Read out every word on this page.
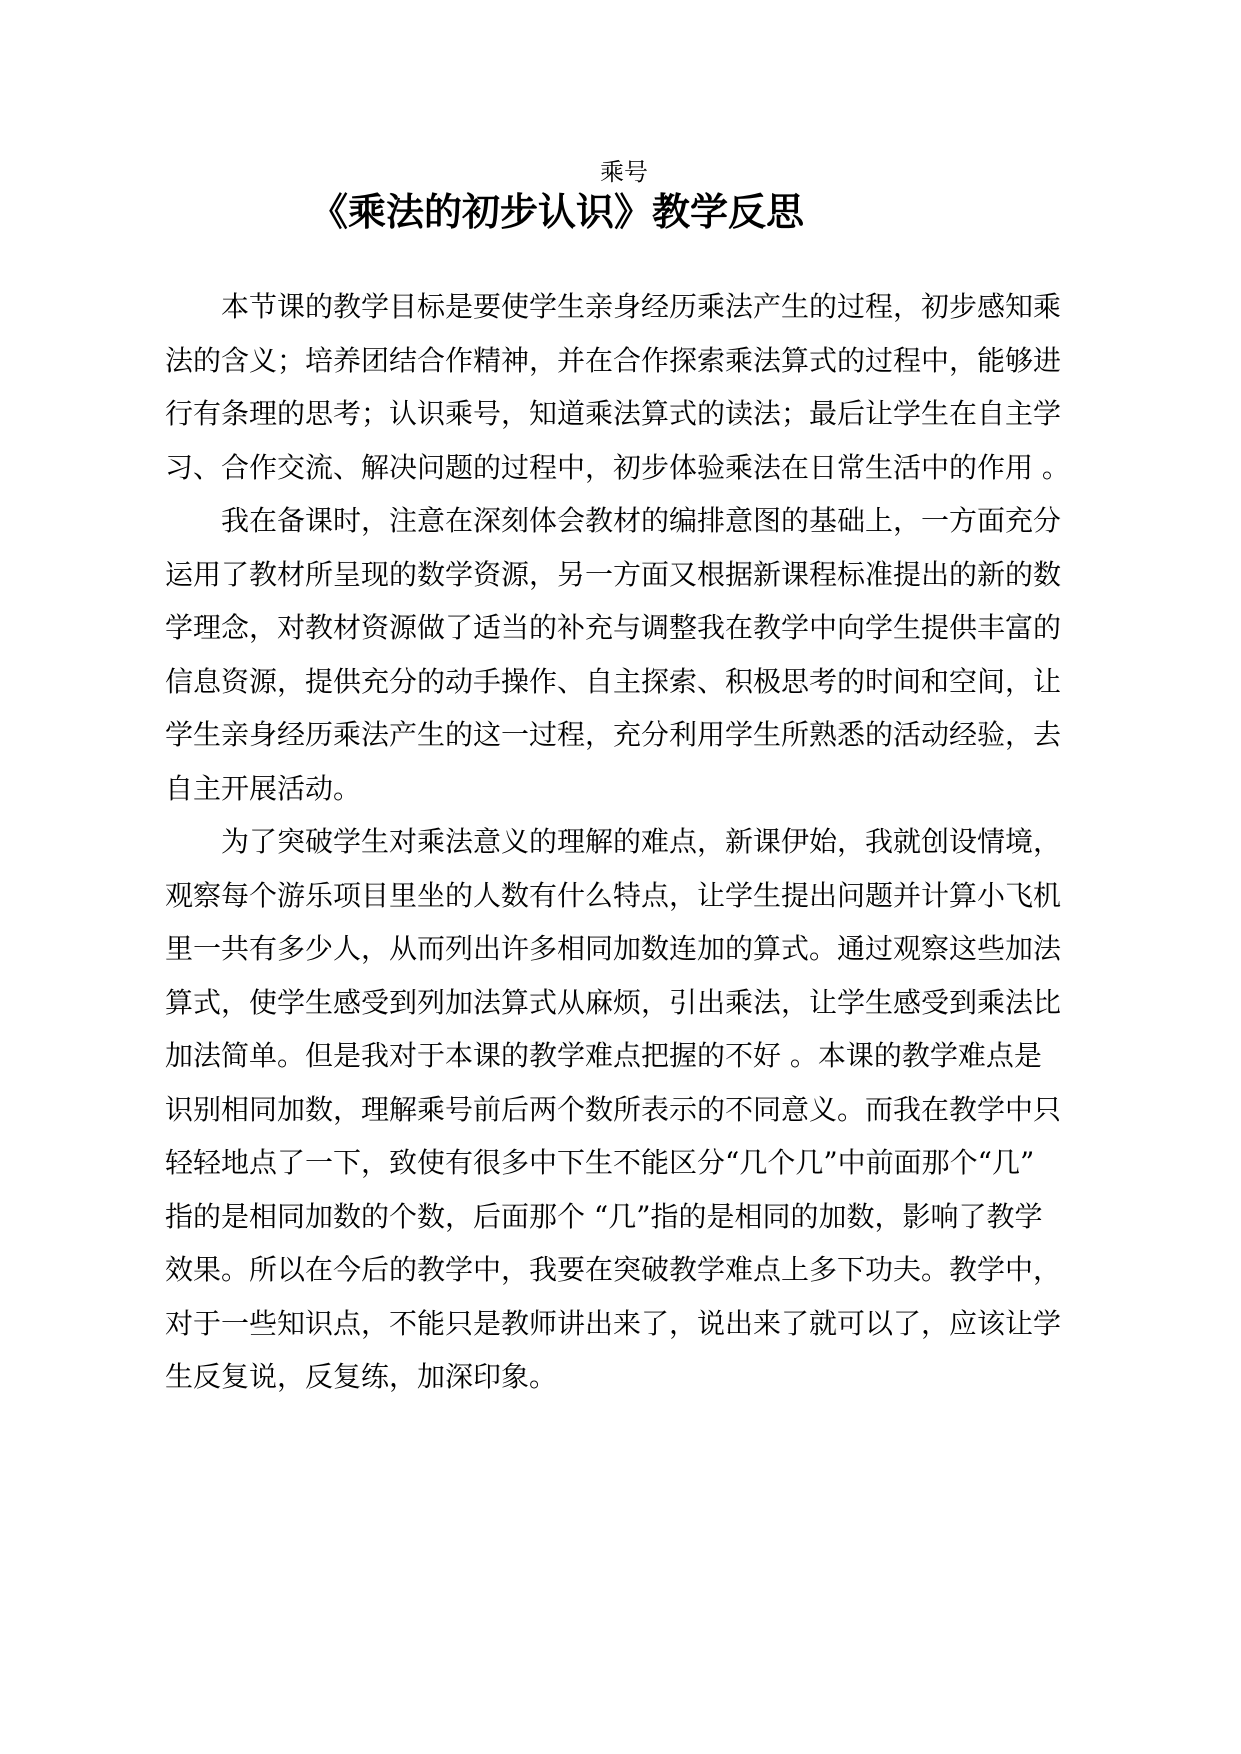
乘号
《乘法的初步认识》教学反思
本节课的教学目标是要使学生亲身经历乘法产生的过程，初步感知乘
法的含义；培养团结合作精神，并在合作探索乘法算式的过程中，能够进
行有条理的思考；认识乘号，知道乘法算式的读法；最后让学生在自主学
习、合作交流、解决问题的过程中，初步体验乘法在日常生活中的作用 。
我在备课时，注意在深刻体会教材的编排意图的基础上，一方面充分
运用了教材所呈现的数学资源，另一方面又根据新课程标准提出的新的数
学理念，对教材资源做了适当的补充与调整我在教学中向学生提供丰富的
信息资源，提供充分的动手操作、自主探索、积极思考的时间和空间，让
学生亲身经历乘法产生的这一过程，充分利用学生所熟悉的活动经验，去
自主开展活动。
为了突破学生对乘法意义的理解的难点，新课伊始，我就创设情境，
观察每个游乐项目里坐的人数有什么特点，让学生提出问题并计算小飞机
里一共有多少人，从而列出许多相同加数连加的算式。通过观察这些加法
算式，使学生感受到列加法算式从麻烦，引出乘法，让学生感受到乘法比
加法简单。但是我对于本课的教学难点把握的不好 。本课的教学难点是
识别相同加数，理解乘号前后两个数所表示的不同意义。而我在教学中只
轻轻地点了一下，致使有很多中下生不能区分“几个几”中前面那个“几”
指的是相同加数的个数，后面那个 “几”指的是相同的加数，影响了教学
效果。所以在今后的教学中，我要在突破教学难点上多下功夫。教学中，
对于一些知识点，不能只是教师讲出来了，说出来了就可以了，应该让学
生反复说，反复练，加深印象。
